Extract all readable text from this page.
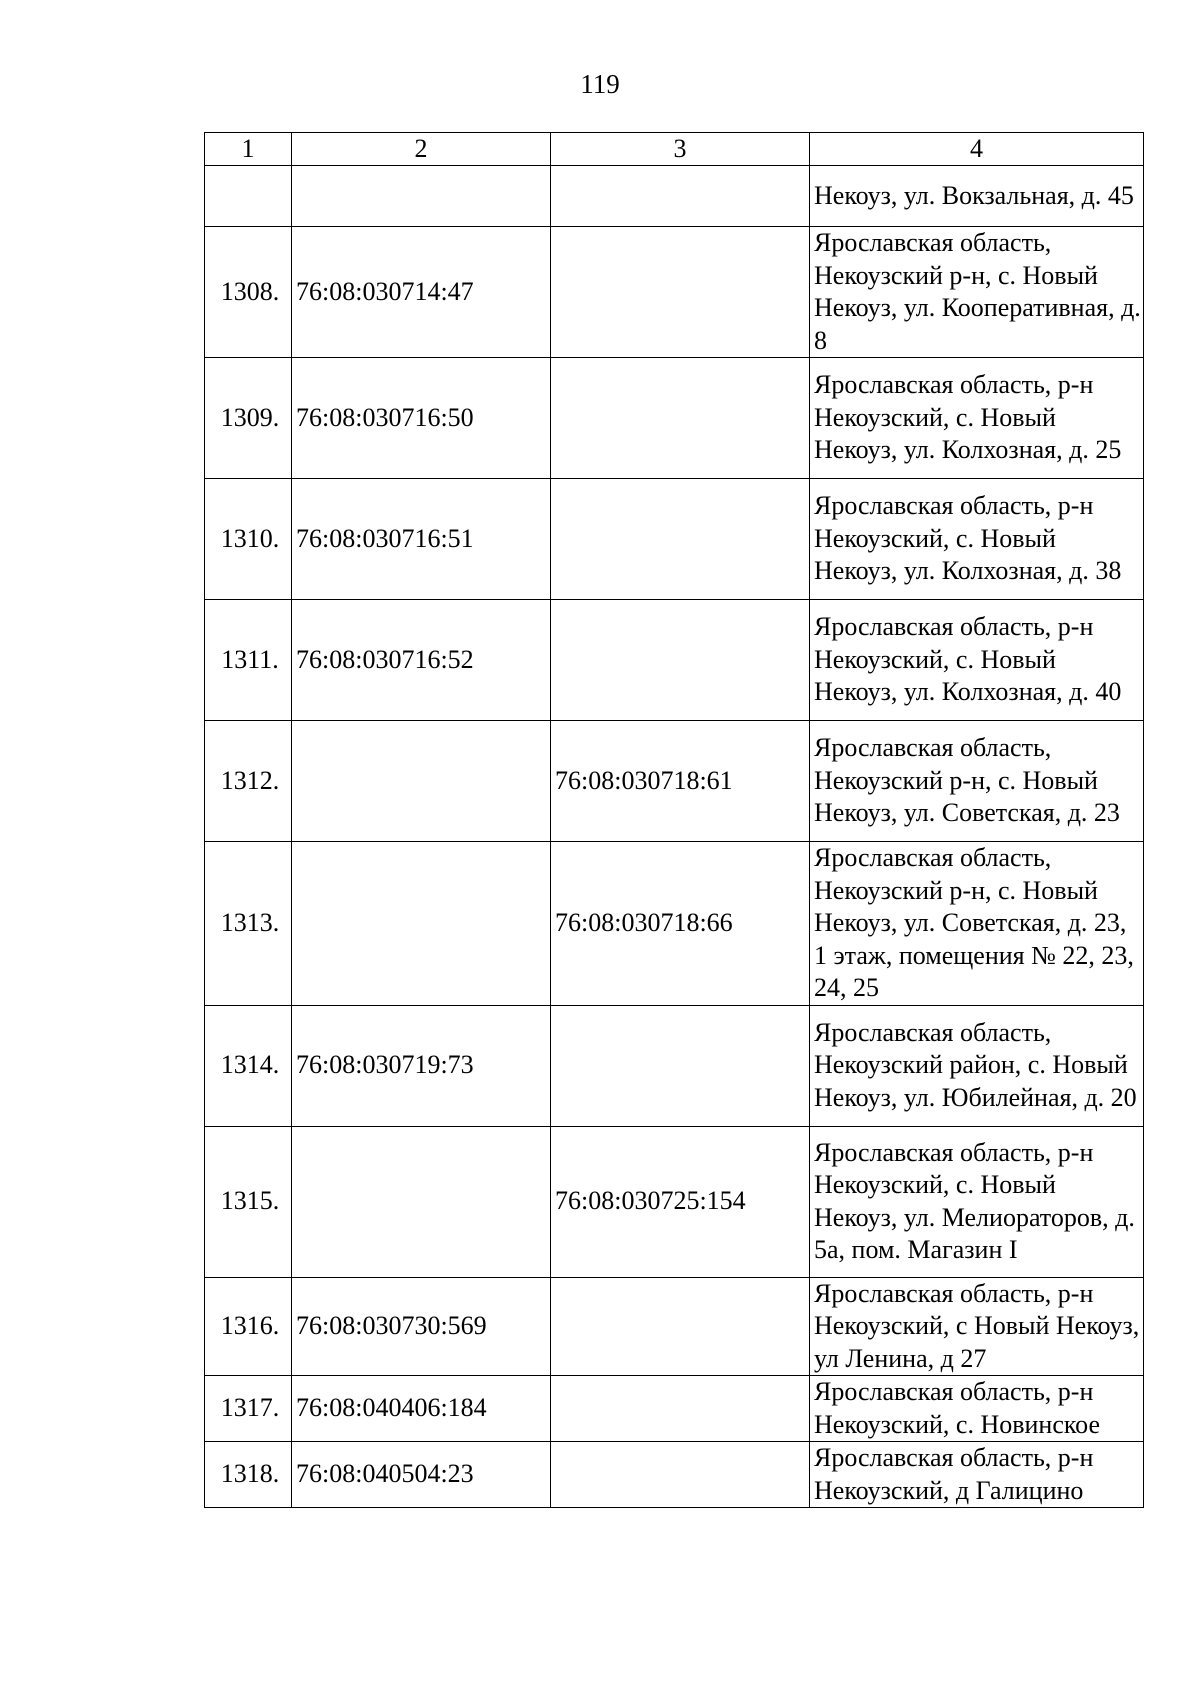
119
1	2	3	4
			Некоуз, ул. Вокзальная, д. 45
1308.	76:08:030714:47		Ярославская область, Некоузский р-н, с. Новый Некоуз, ул. Кооперативная, д. 8
1309.	76:08:030716:50		Ярославская область, р-н Некоузский, с. Новый Некоуз, ул. Колхозная, д. 25
1310.	76:08:030716:51		Ярославская область, р-н Некоузский, с. Новый Некоуз, ул. Колхозная, д. 38
1311.	76:08:030716:52		Ярославская область, р-н Некоузский, с. Новый Некоуз, ул. Колхозная, д. 40
1312.		76:08:030718:61	Ярославская область, Некоузский р-н, с. Новый Некоуз, ул. Советская, д. 23
1313.		76:08:030718:66	Ярославская область, Некоузский р-н, с. Новый Некоуз, ул. Советская, д. 23, 1 этаж, помещения № 22, 23, 24, 25
1314.	76:08:030719:73		Ярославская область, Некоузский район, с. Новый Некоуз, ул. Юбилейная, д. 20
1315.		76:08:030725:154	Ярославская область, р-н Некоузский, с. Новый Некоуз, ул. Мелиораторов, д. 5а, пом. Магазин I
1316.	76:08:030730:569		Ярославская область, р-н Некоузский, с Новый Некоуз, ул Ленина, д 27
1317.	76:08:040406:184		Ярославская область, р-н Некоузский, с. Новинское
1318.	76:08:040504:23		Ярославская область, р-н Некоузский, д Галицино
